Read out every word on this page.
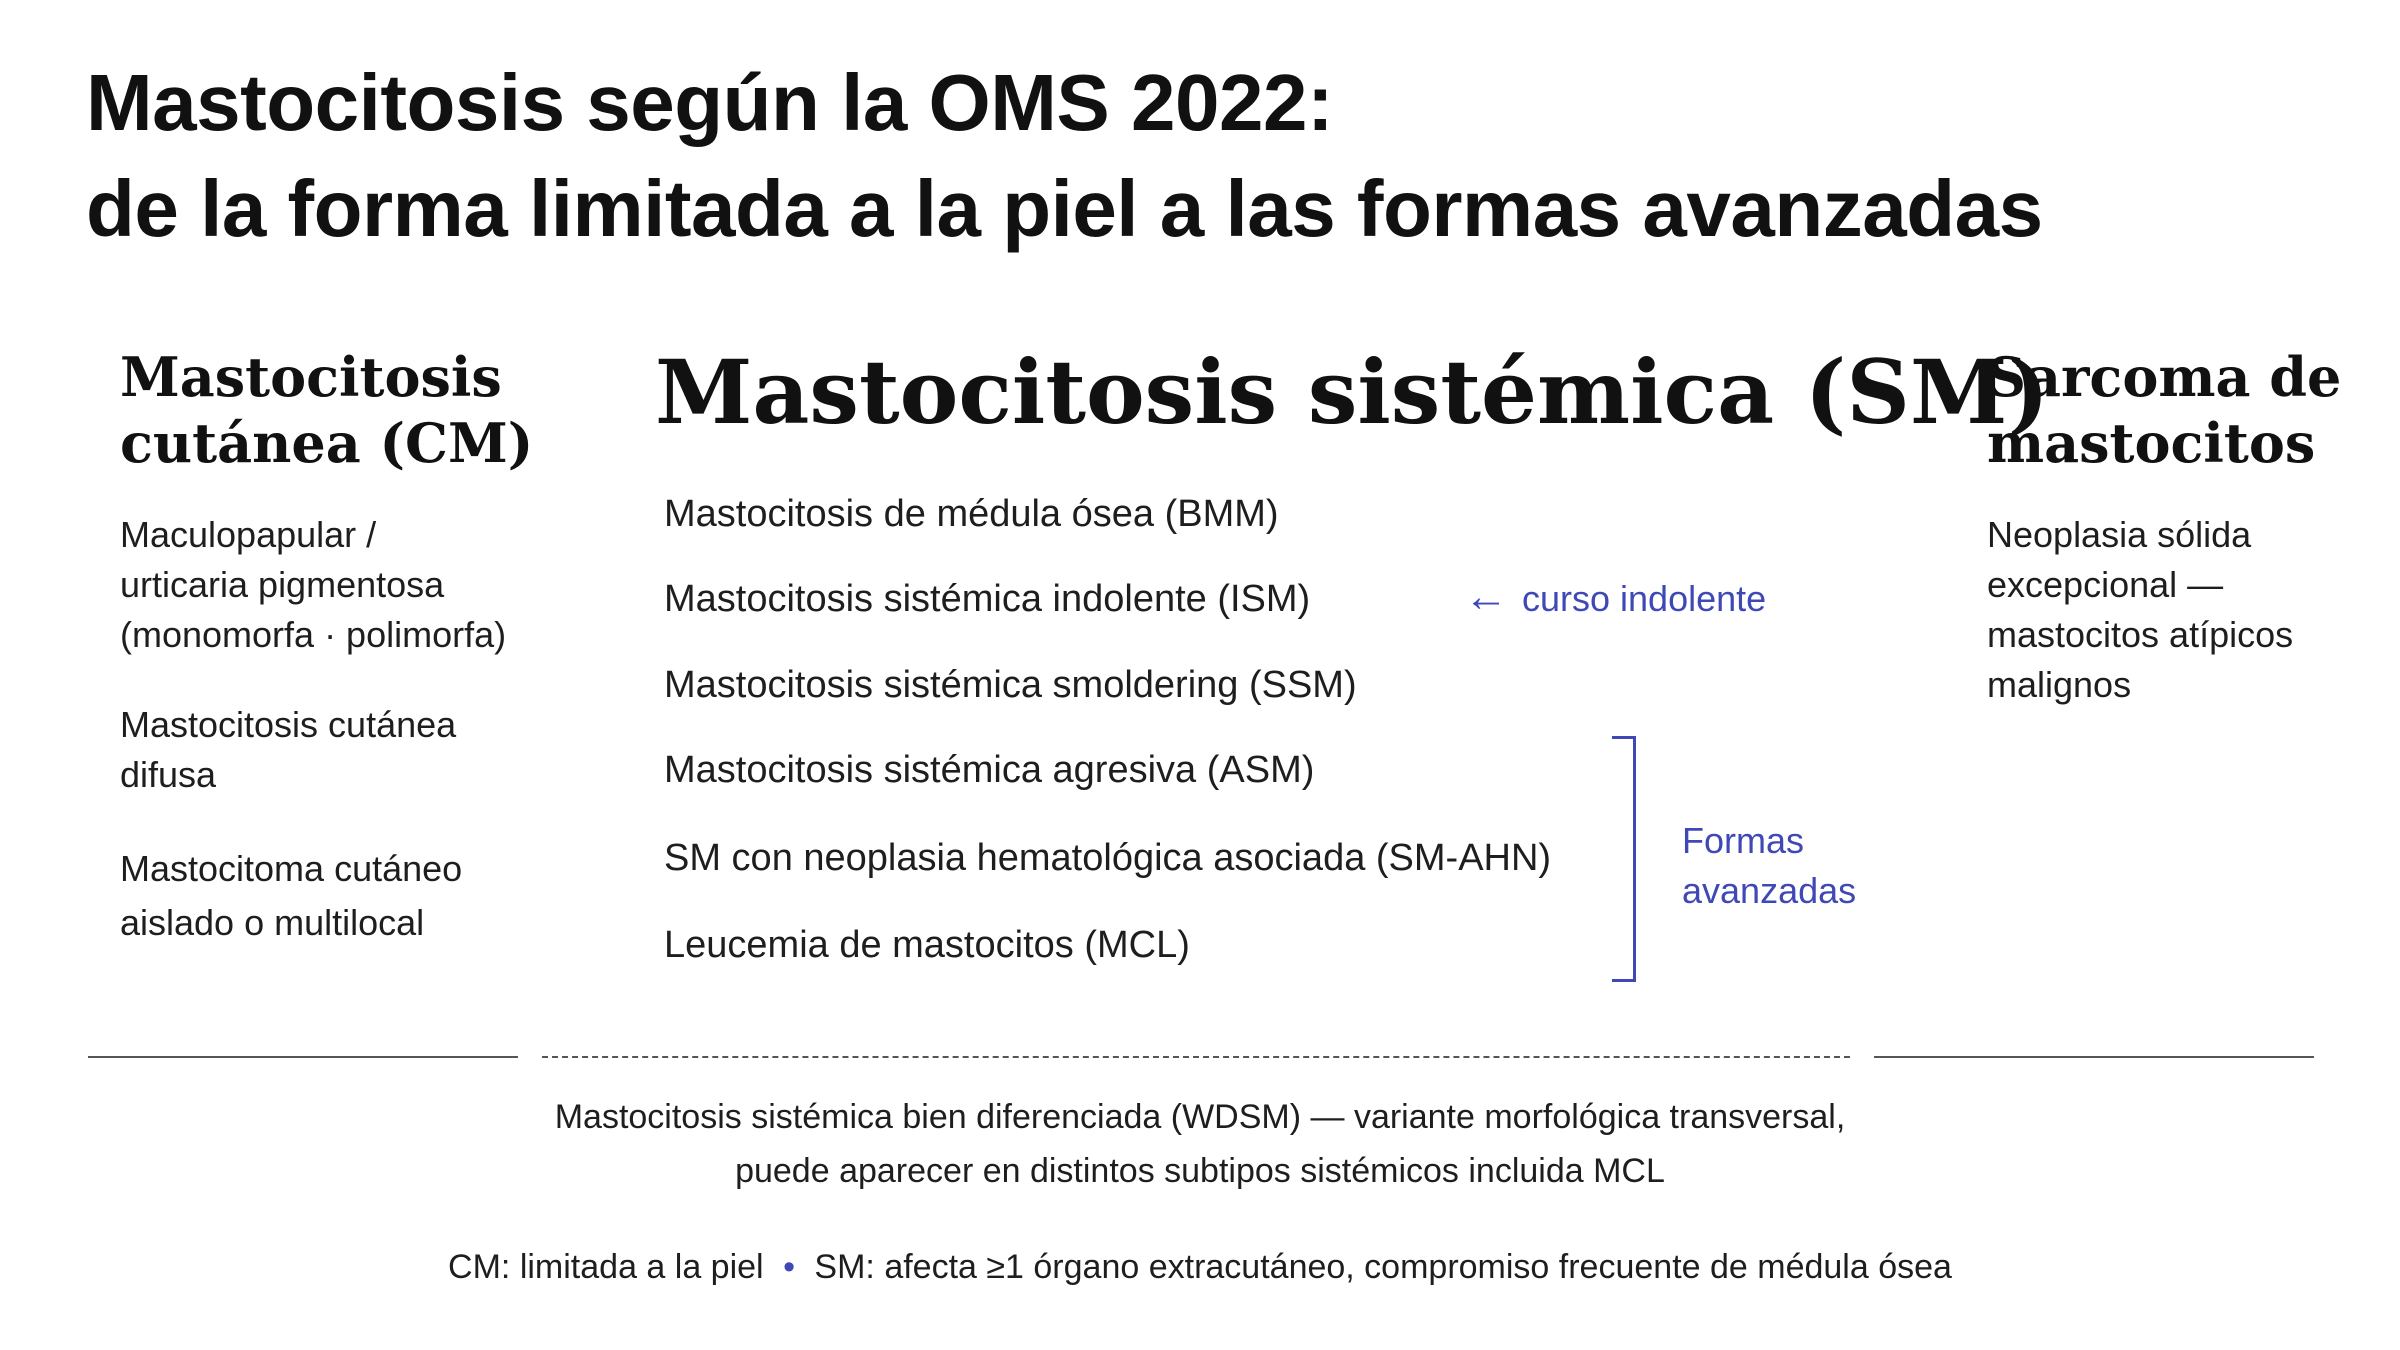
Mastocitosis según la OMS 2022:
de la forma limitada a la piel a las formas avanzadas
Mastocitosis
cutánea (CM)
Maculopapular /
urticaria pigmentosa
(monomorfa · polimorfa)
Mastocitosis cutánea
difusa
Mastocitoma cutáneo
aislado o multilocal
Mastocitosis sistémica (SM)
Mastocitosis de médula ósea (BMM)
Mastocitosis sistémica indolente (ISM)
Mastocitosis sistémica smoldering (SSM)
Mastocitosis sistémica agresiva (ASM)
SM con neoplasia hematológica asociada (SM-AHN)
Leucemia de mastocitos (MCL)
← curso indolente
Formas
avanzadas
Sarcoma de
mastocitos
Neoplasia sólida
excepcional —
mastocitos atípicos
malignos
Mastocitosis sistémica bien diferenciada (WDSM) — variante morfológica transversal,
puede aparecer en distintos subtipos sistémicos incluida MCL
CM: limitada a la piel • SM: afecta ≥1 órgano extracutáneo, compromiso frecuente de médula ósea
